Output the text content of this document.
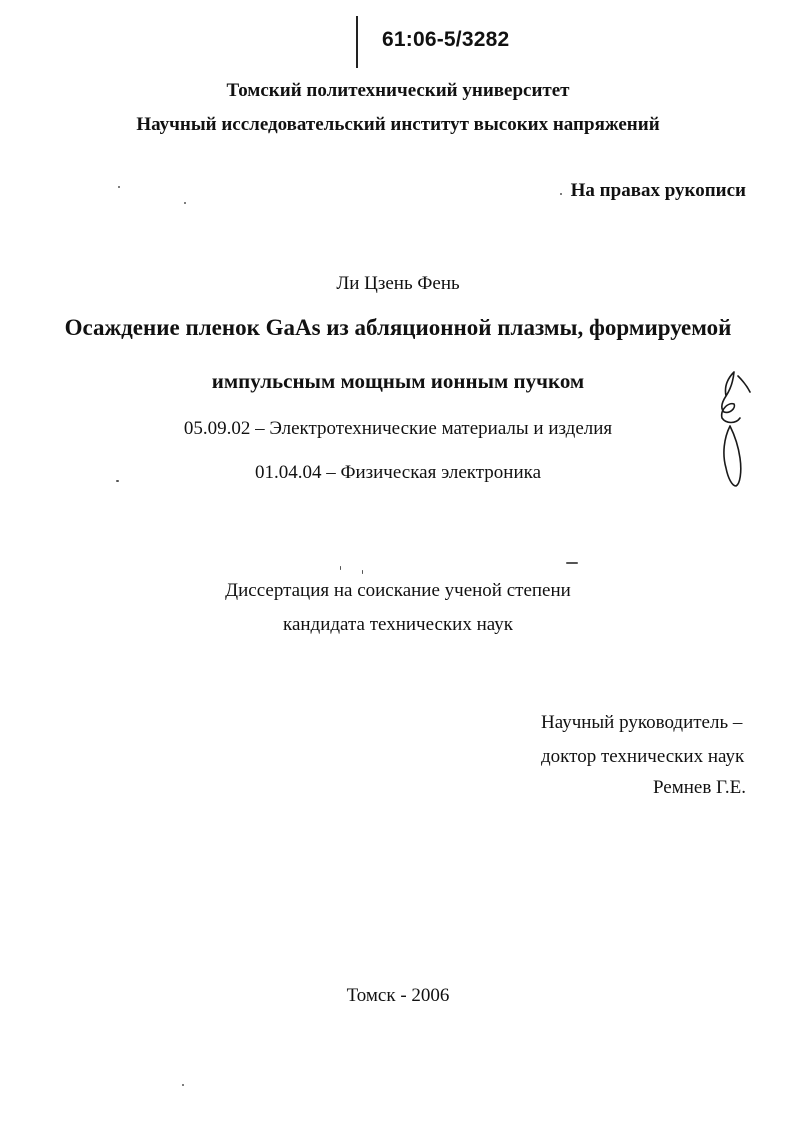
61:06-5/3282
Томский политехнический университет
Научный исследовательский институт высоких напряжений
На правах рукописи
Ли Цзень Фень
Осаждение пленок GaAs из абляционной плазмы, формируемой
импульсным мощным ионным пучком
05.09.02 – Электротехнические материалы и изделия
01.04.04 – Физическая электроника
Диссертация на соискание ученой степени
кандидата технических наук
Научный руководитель –
доктор технических наук
Ремнев Г.Е.
Томск - 2006
